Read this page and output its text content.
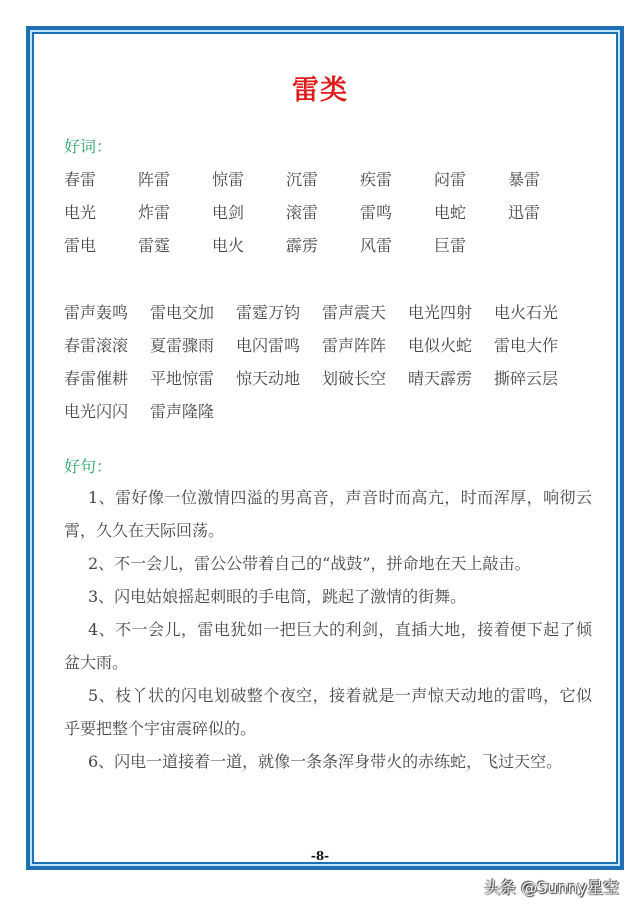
雷类
好词：
春雷	阵雷	惊雷	沉雷	疾雷	闷雷	暴雷
电光	炸雷	电剑	滚雷	雷鸣	电蛇	迅雷
雷电	雷霆	电火	霹雳	风雷	巨雷
雷声轰鸣 雷电交加 雷霆万钧 雷声震天 电光四射 电火石光
春雷滚滚 夏雷骤雨 电闪雷鸣 雷声阵阵 电似火蛇 雷电大作
春雷催耕 平地惊雷 惊天动地 划破长空 晴天霹雳 撕碎云层
电光闪闪 雷声隆隆
好句：

1、雷好像一位激情四溢的男高音，声音时而高亢，时而浑厚，响彻云霄，久久在天际回荡。

2、不一会儿，雷公公带着自己的“战鼓”，拼命地在天上敲击。

3、闪电姑娘摇起刺眼的手电筒，跳起了激情的街舞。

4、不一会儿，雷电犹如一把巨大的利剑，直插大地，接着便下起了倾盆大雨。

5、枝丫状的闪电划破整个夜空，接着就是一声惊天动地的雷鸣，它似乎要把整个宇宙震碎似的。

6、闪电一道接着一道，就像一条条浑身带火的赤练蛇，飞过天空。

-8-
头条 @Sunny星空
